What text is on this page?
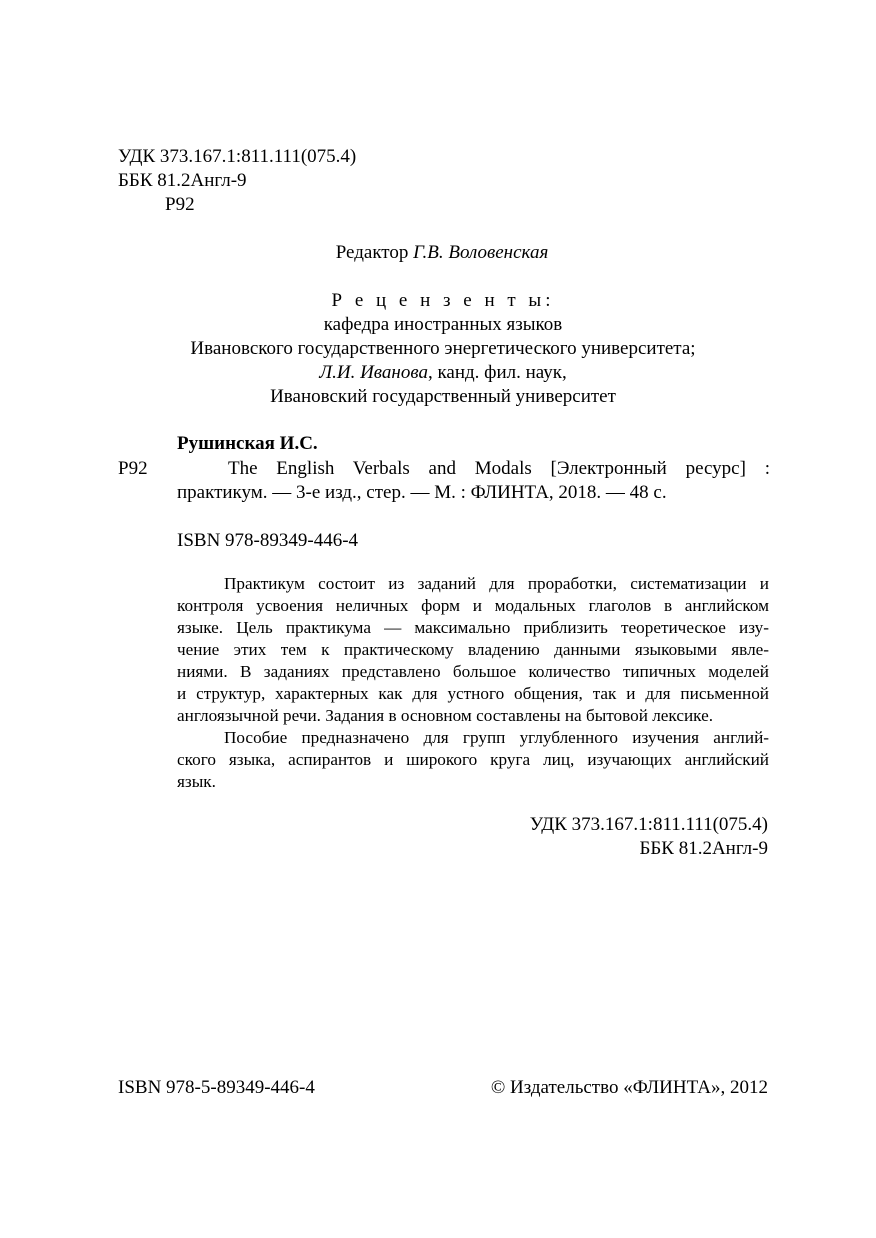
УДК 373.167.1:811.111(075.4)
ББК 81.2Англ-9
Р92
Редактор Г.В. Воловенская
Р е ц е н з е н т ы:
кафедра иностранных языков
Ивановского государственного энергетического университета;
Л.И. Иванова, канд. фил. наук,
Ивановский государственный университет
Рушинская И.С.
Р92	The English Verbals and Modals [Электронный ресурс] :
практикум. — 3-е изд., стер. — М. : ФЛИНТА, 2018. — 48 с.
ISBN 978-89349-446-4

Практикум состоит из заданий для проработки, систематизации и

контроля усвоения неличных форм и модальных глаголов в английском

языке. Цель практикума — максимально приблизить теоретическое изу-

чение этих тем к практическому владению данными языковыми явле-

ниями. В заданиях представлено большое количество типичных моделей

и структур, характерных как для устного общения, так и для письменной

англоязычной речи. Задания в основном составлены на бытовой лексике.

Пособие предназначено для групп углубленного изучения англий-

ского языка, аспирантов и широкого круга лиц, изучающих английский

язык.

УДК 373.167.1:811.111(075.4)
ББК 81.2Англ-9
ISBN 978-5-89349-446-4	© Издательство «ФЛИНТА», 2012
